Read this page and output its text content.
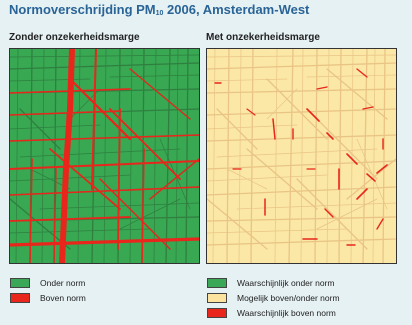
Normoverschrijding $PM_{10}$ 2006, Amsterdam-West
Zonder onzekerheidsmarge	Met onzekerheidsmarge
Onder norm
Boven norm
Waarschijnlijk onder norm
Mogelijk boven/onder norm
Waarschijnlijk boven norm
